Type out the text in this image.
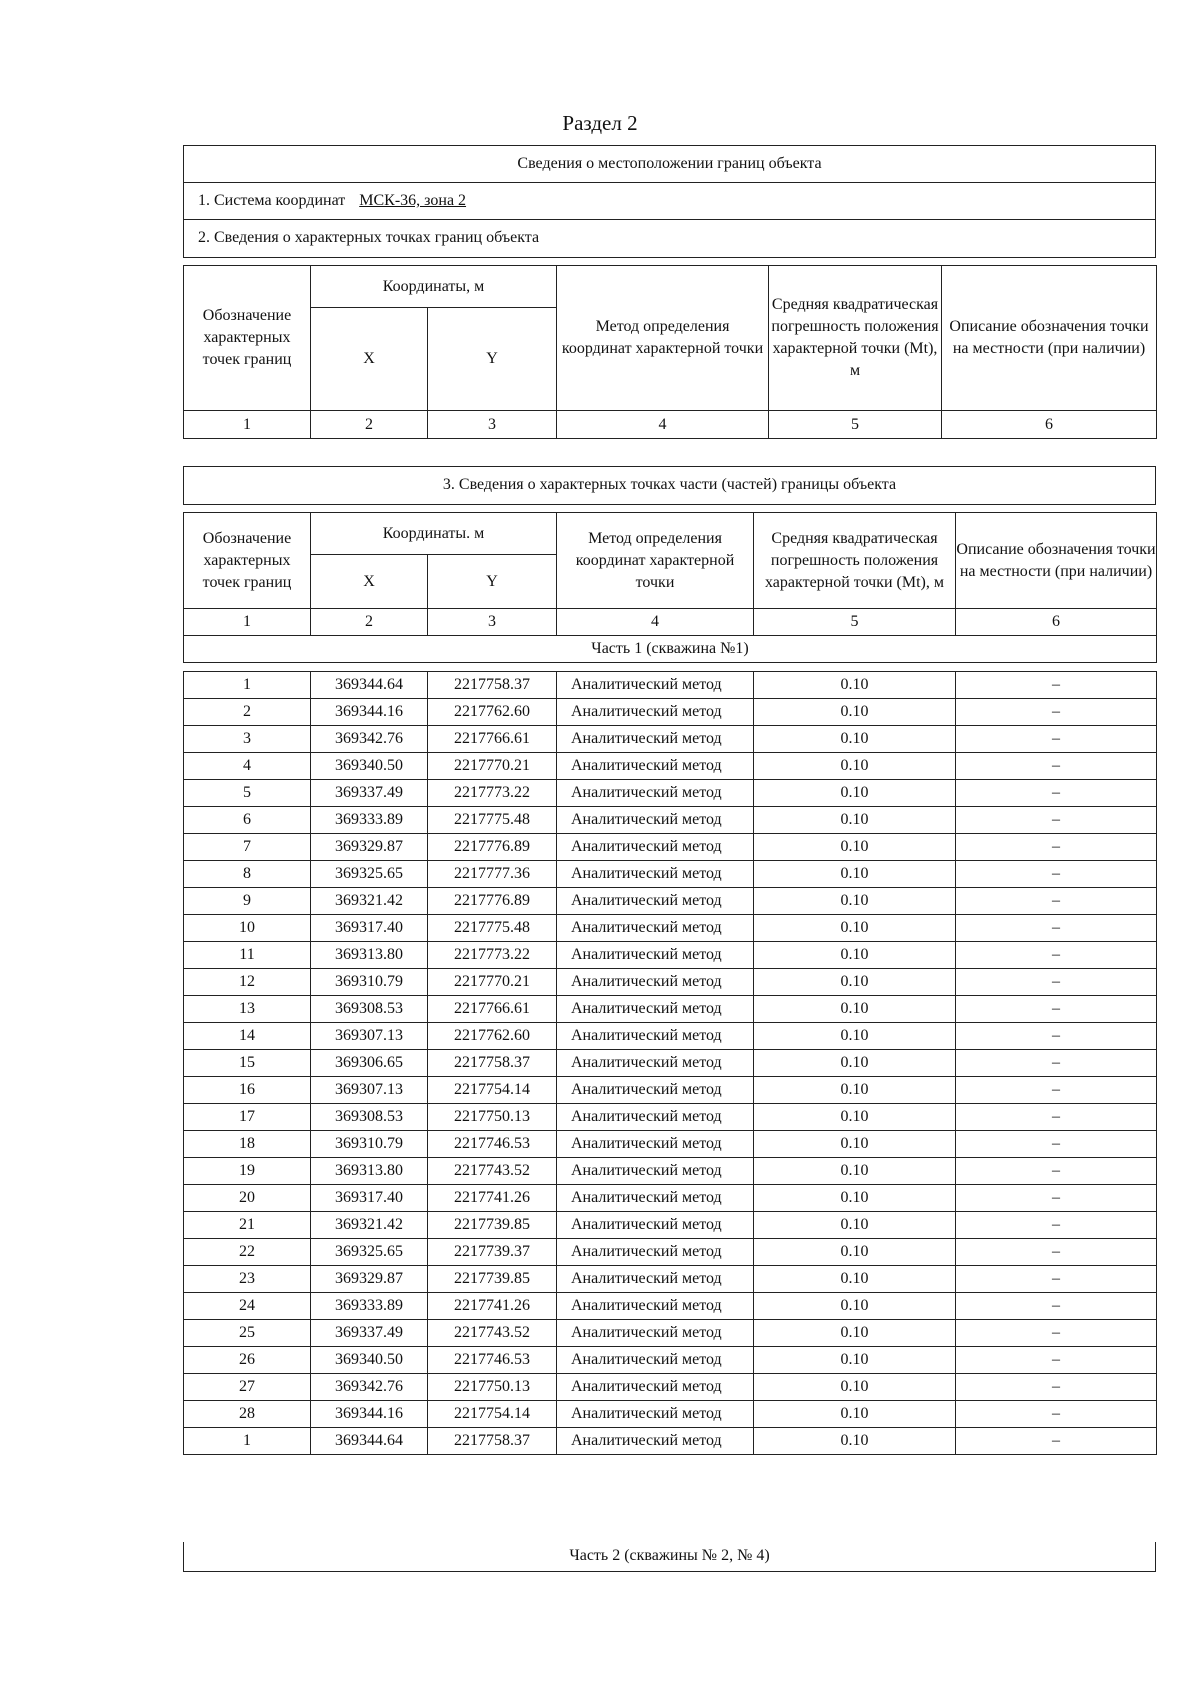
Раздел 2
Сведения о местоположении границ объекта
1. Система координат МСК-36, зона 2
2. Сведения о характерных точках границ объекта
Обозначение характерных точек границ	Координаты, м		Метод определения координат характерной точки	Средняя квадратическая погрешность положения характерной точки (Mt), м	Описание обозначения точки на местности (при наличии)
	X	Y			
1	2	3	4	5	6
3. Сведения о характерных точках части (частей) границы объекта
Обозначение характерных точек границ	Координаты. м		Метод определения координат характерной точки	Средняя квадратическая погрешность положения характерной точки (Mt), м	Описание обозначения точки на местности (при наличии)
	X	Y			
1	2	3	4	5	6
Часть 1 (скважина №1)					
1	369344.64	2217758.37	Аналитический метод	0.10	–
2	369344.16	2217762.60	Аналитический метод	0.10	–
3	369342.76	2217766.61	Аналитический метод	0.10	–
4	369340.50	2217770.21	Аналитический метод	0.10	–
5	369337.49	2217773.22	Аналитический метод	0.10	–
6	369333.89	2217775.48	Аналитический метод	0.10	–
7	369329.87	2217776.89	Аналитический метод	0.10	–
8	369325.65	2217777.36	Аналитический метод	0.10	–
9	369321.42	2217776.89	Аналитический метод	0.10	–
10	369317.40	2217775.48	Аналитический метод	0.10	–
11	369313.80	2217773.22	Аналитический метод	0.10	–
12	369310.79	2217770.21	Аналитический метод	0.10	–
13	369308.53	2217766.61	Аналитический метод	0.10	–
14	369307.13	2217762.60	Аналитический метод	0.10	–
15	369306.65	2217758.37	Аналитический метод	0.10	–
16	369307.13	2217754.14	Аналитический метод	0.10	–
17	369308.53	2217750.13	Аналитический метод	0.10	–
18	369310.79	2217746.53	Аналитический метод	0.10	–
19	369313.80	2217743.52	Аналитический метод	0.10	–
20	369317.40	2217741.26	Аналитический метод	0.10	–
21	369321.42	2217739.85	Аналитический метод	0.10	–
22	369325.65	2217739.37	Аналитический метод	0.10	–
23	369329.87	2217739.85	Аналитический метод	0.10	–
24	369333.89	2217741.26	Аналитический метод	0.10	–
25	369337.49	2217743.52	Аналитический метод	0.10	–
26	369340.50	2217746.53	Аналитический метод	0.10	–
27	369342.76	2217750.13	Аналитический метод	0.10	–
28	369344.16	2217754.14	Аналитический метод	0.10	–
1	369344.64	2217758.37	Аналитический метод	0.10	–
Часть 2 (скважины № 2, № 4)
